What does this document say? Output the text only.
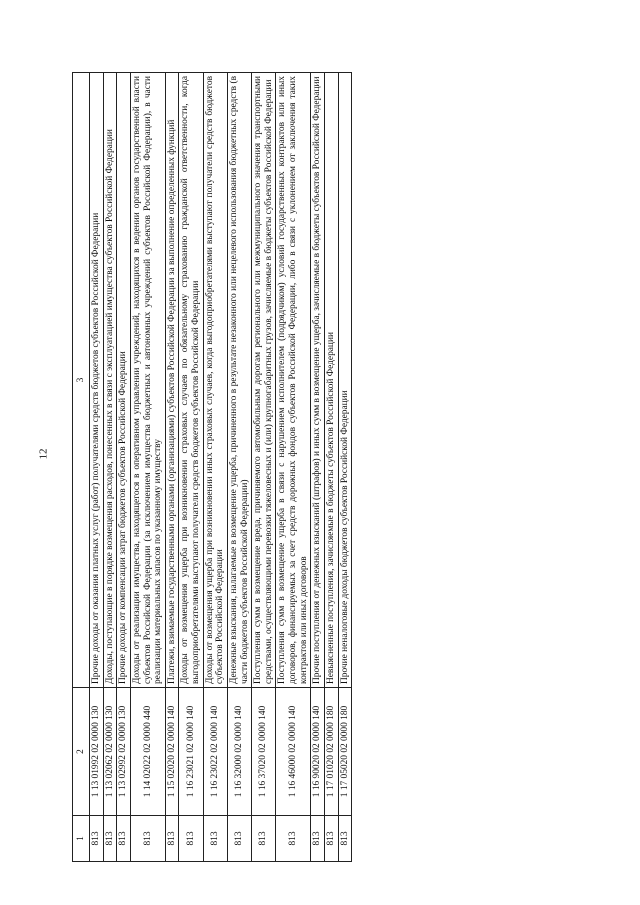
12
1	2	3
813	1 13 01992 02 0000 130	Прочие доходы от оказания платных услуг (работ) получателями средств бюджетов субъектов Российской Федерации
813	1 13 02062 02 0000 130	Доходы, поступающие в порядке возмещения расходов, понесенных в связи с эксплуатацией имущества субъектов Российской Федерации
813	1 13 02992 02 0000 130	Прочие доходы от компенсации затрат бюджетов субъектов Российской Федерации
813	1 14 02022 02 0000 440	Доходы от реализации имущества, находящегося в оперативном управлении учреждений, находящихся в ведении органов государственной власти субъектов Российской Федерации (за исключением имущества бюджетных и автономных учреждений субъектов Российской Федерации), в части реализации материальных запасов по указанному имуществу
813	1 15 02020 02 0000 140	Платежи, взимаемые государственными органами (организациями) субъектов Российской Федерации за выполнение определенных функций
813	1 16 23021 02 0000 140	Доходы от возмещения ущерба при возникновении страховых случаев по обязательному страхованию гражданской ответственности, когда выгодоприобретателями выступают получатели средств бюджетов субъектов Российской Федерации
813	1 16 23022 02 0000 140	Доходы от возмещения ущерба при возникновении иных страховых случаев, когда выгодоприобретателями выступают получатели средств бюджетов субъектов Российской Федерации
813	1 16 32000 02 0000 140	Денежные взыскания, налагаемые в возмещение ущерба, причиненного в результате незаконного или нецелевого использования бюджетных средств (в части бюджетов субъектов Российской Федерации)
813	1 16 37020 02 0000 140	Поступления сумм в возмещение вреда, причиняемого автомобильным дорогам регионального или межмуниципального значения транспортными средствами, осуществляющими перевозки тяжеловесных и (или) крупногабаритных грузов, зачисляемые в бюджеты субъектов Российской Федерации
813	1 16 46000 02 0000 140	Поступления сумм в возмещение ущерба в связи с нарушением исполнителем (подрядчиком) условий государственных контрактов или иных договоров, финансируемых за счет средств дорожных фондов субъектов Российской Федерации, либо в связи с уклонением от заключения таких контрактов или иных договоров
813	1 16 90020 02 0000 140	Прочие поступления от денежных взысканий (штрафов) и иных сумм в возмещение ущерба, зачисляемые в бюджеты субъектов Российской Федерации
813	1 17 01020 02 0000 180	Невыясненные поступления, зачисляемые в бюджеты субъектов Российской Федерации
813	1 17 05020 02 0000 180	Прочие неналоговые доходы бюджетов субъектов Российской Федерации
